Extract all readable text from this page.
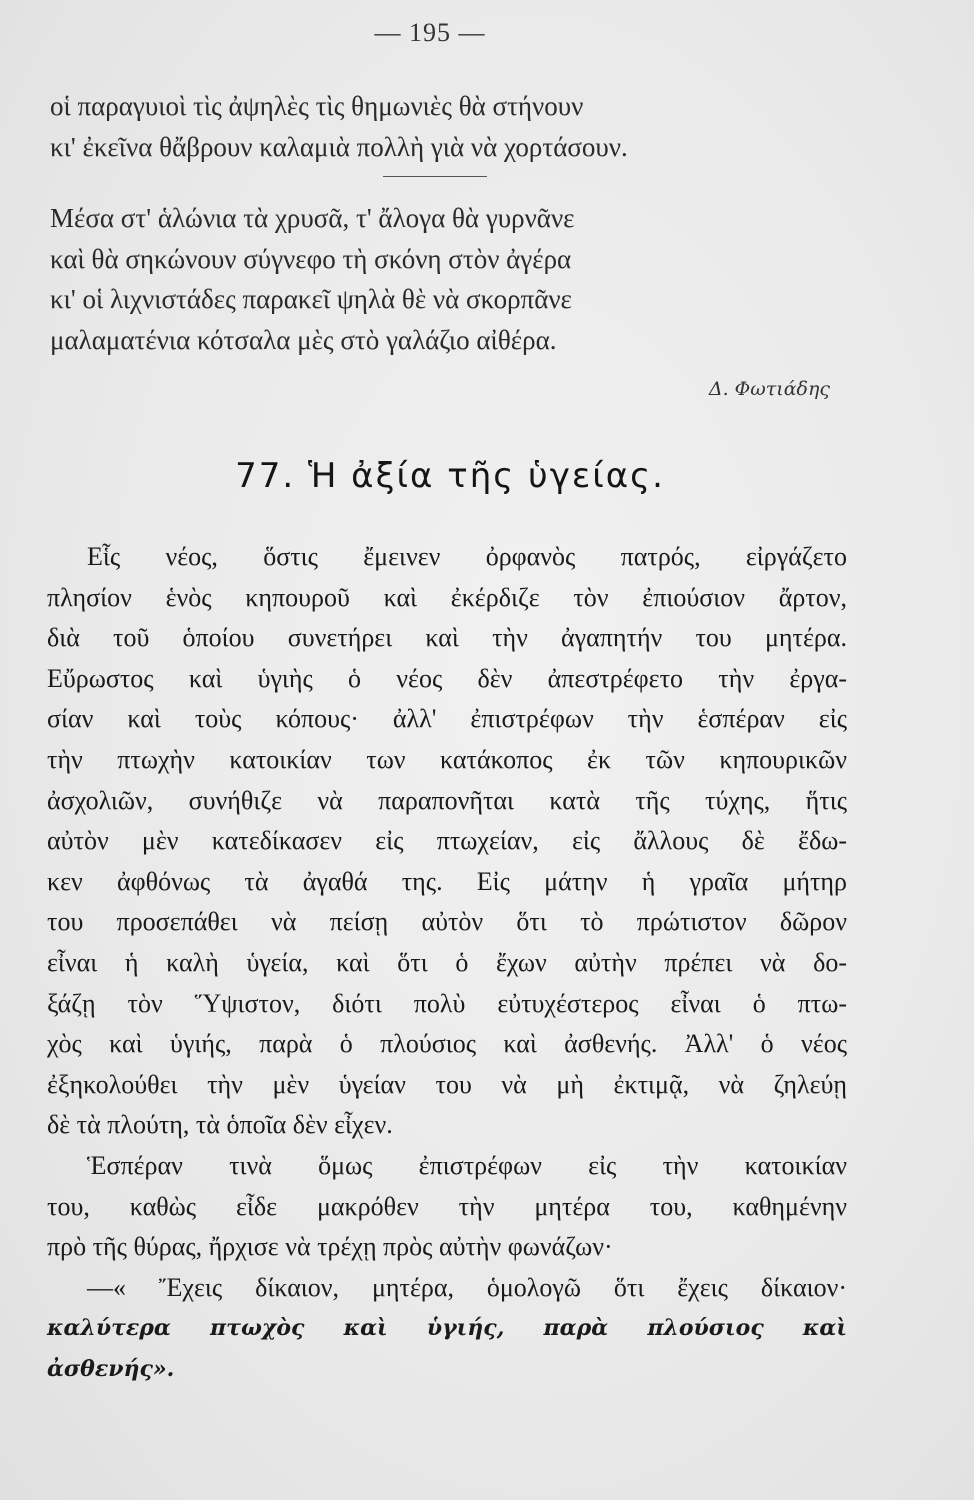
— 195 —
οἱ παραγυιοὶ τὶς ἀψηλὲς τὶς θημωνιὲς θὰ στήνουν
κι' ἐκεῖνα θἄβρουν καλαμιὰ πολλὴ γιὰ νὰ χορτάσουν.
Μέσα στ' ἁλώνια τὰ χρυσᾶ, τ' ἄλογα θὰ γυρνᾶνε
καὶ θὰ σηκώνουν σύγνεφο τὴ σκόνη στὸν ἀγέρα
κι' οἱ λιχνιστάδες παρακεῖ ψηλὰ θὲ νὰ σκορπᾶνε
μαλαματένια κότσαλα μὲς στὸ γαλάζιο αἰθέρα.
Δ. Φωτιάδης
77. Ἡ ἀξία τῆς ὑγείας.
Εἷς νέος, ὅστις ἔμεινεν ὀρφανὸς πατρός, εἰργάζετο
πλησίον ἑνὸς κηπουροῦ καὶ ἐκέρδιζε τὸν ἐπιούσιον ἄρτον,
διὰ τοῦ ὁποίου συνετήρει καὶ τὴν ἀγαπητήν του μητέρα.
Εὔρωστος καὶ ὑγιὴς ὁ νέος δὲν ἀπεστρέφετο τὴν ἐργα-
σίαν καὶ τοὺς κόπους· ἀλλ' ἐπιστρέφων τὴν ἑσπέραν εἰς
τὴν πτωχὴν κατοικίαν των κατάκοπος ἐκ τῶν κηπουρικῶν
ἀσχολιῶν, συνήθιζε νὰ παραπονῆται κατὰ τῆς τύχης, ἥτις
αὐτὸν μὲν κατεδίκασεν εἰς πτωχείαν, εἰς ἄλλους δὲ ἔδω-
κεν ἀφθόνως τὰ ἀγαθά της. Εἰς μάτην ἡ γραῖα μήτηρ
του προσεπάθει νὰ πείσῃ αὐτὸν ὅτι τὸ πρώτιστον δῶρον
εἶναι ἡ καλὴ ὑγεία, καὶ ὅτι ὁ ἔχων αὐτὴν πρέπει νὰ δο-
ξάζῃ τὸν Ὕψιστον, διότι πολὺ εὐτυχέστερος εἶναι ὁ πτω-
χὸς καὶ ὑγιής, παρὰ ὁ πλούσιος καὶ ἀσθενής. Ἀλλ' ὁ νέος
ἐξηκολούθει τὴν μὲν ὑγείαν του νὰ μὴ ἐκτιμᾷ, νὰ ζηλεύῃ
δὲ τὰ πλούτη, τὰ ὁποῖα δὲν εἶχεν.
Ἑσπέραν τινὰ ὅμως ἐπιστρέφων εἰς τὴν κατοικίαν
του, καθὼς εἶδε μακρόθεν τὴν μητέρα του, καθημένην
πρὸ τῆς θύρας, ἤρχισε νὰ τρέχῃ πρὸς αὐτὴν φωνάζων·
—« Ἔχεις δίκαιον, μητέρα, ὁμολογῶ ὅτι ἔχεις δίκαιον·
καλύτερα πτωχὸς καὶ ὑγιής, παρὰ πλούσιος καὶ
ἀσθενής».
